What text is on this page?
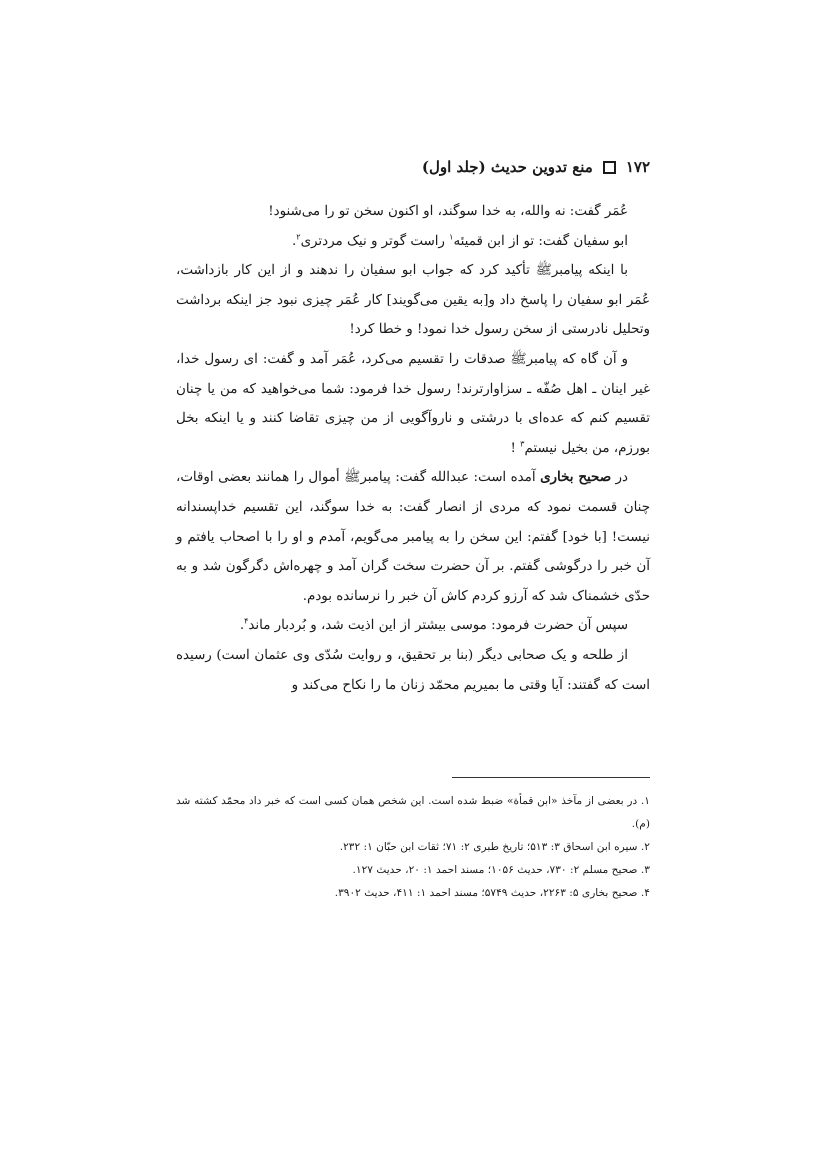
۱۷۲
منع تدوین حدیث (جلد اول)

عُمَر گفت: نه والله، به خدا سوگند، او اکنون سخن تو را می‌شنود!

ابو سفیان گفت: تو از ابن قمیئه$^۱$ راست گوتر و نیک مردتری$^۲$.

با اینکه پیامبرﷺ تأکید کرد که جواب ابو سفیان را ندهند و از این کار بازداشت، عُمَر ابو سفیان را پاسخ داد و[به یقین می‌گویند] کار عُمَر چیزی نبود جز اینکه برداشت وتحلیل نادرستی از سخن رسول خدا نمود! و خطا کرد!

و آن گاه که پیامبرﷺ صدقات را تقسیم می‌کرد، عُمَر آمد و گفت: ای رسول خدا، غیر اینان ـ اهل صُفّه ـ سزاوارترند! رسول خدا فرمود: شما می‌خواهید که من یا چنان تقسیم کنم که عده‌ای با درشتی و ناروآگویی از من چیزی تقاضا کنند و یا اینکه بخل بورزم، من بخیل نیستم$^۳$ !

در صحیح بخاری آمده است: عبدالله گفت: پیامبرﷺ أموال را همانند بعضی اوقات، چنان قسمت نمود که مردی از انصار گفت: به خدا سوگند، این تقسیم خداپسندانه نیست! [با خود] گفتم: این سخن را به پیامبر می‌گویم، آمدم و او را با اصحاب یافتم و آن خبر را درگوشی گفتم. بر آن حضرت سخت گران آمد و چهره‌اش دگرگون شد و به حدّی خشمناک شد که آرزو کردم کاش آن خبر را نرسانده بودم.

سپس آن حضرت فرمود: موسی بیشتر از این اذیت شد، و بُردبار ماند$^۴$.

از طلحه و یک صحابی دیگر (بنا بر تحقیق، و روایت سُدّی وی عثمان است) رسیده است که گفتند: آیا وقتی ما بمیریم محمّد زنان ما را نکاح می‌کند و

۱. در بعضی از مآخذ «ابن قمأة» ضبط شده است. این شخص همان کسی است که خبر داد محمّد کشته شد (م).

۲. سیره ابن اسحاق ۳: ۵۱۳؛ تاریخ طبری ۲: ۷۱؛ ثقات ابن حبّان ۱: ۲۳۲.

۳. صحیح مسلم ۲: ۷۳۰، حدیث ۱۰۵۶؛ مسند احمد ۱: ۲۰، حدیث ۱۲۷.

۴. صحیح بخاری ۵: ۲۲۶۳، حدیث ۵۷۴۹؛ مسند احمد ۱: ۴۱۱، حدیث ۳۹۰۲.
